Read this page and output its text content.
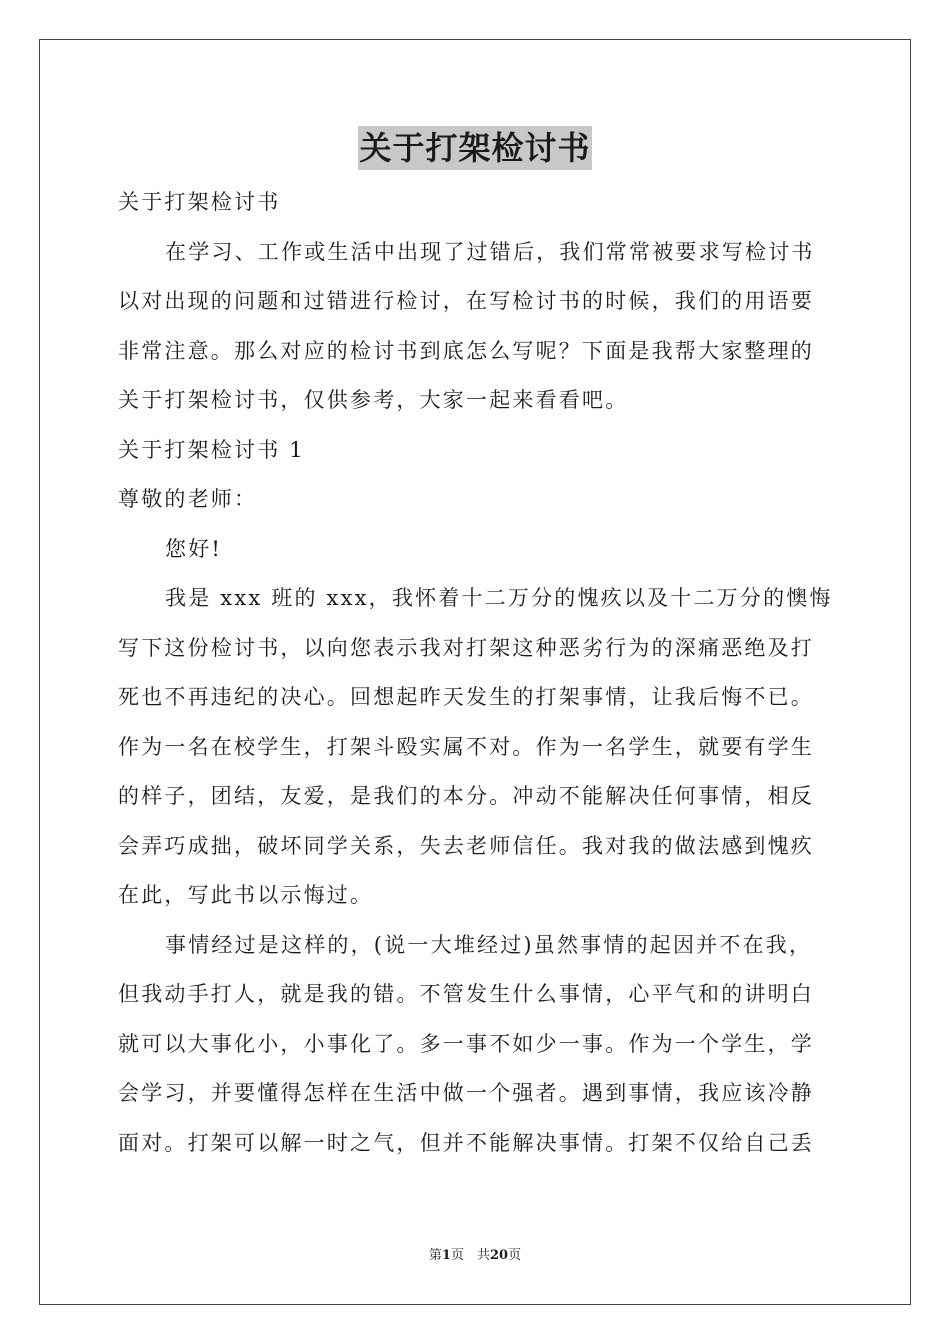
关于打架检讨书

关于打架检讨书

在学习、工作或生活中出现了过错后，我们常常被要求写检讨书

以对出现的问题和过错进行检讨，在写检讨书的时候，我们的用语要

非常注意。那么对应的检讨书到底怎么写呢？下面是我帮大家整理的

关于打架检讨书，仅供参考，大家一起来看看吧。

关于打架检讨书 1

尊敬的老师：

您好!

我是 xxx 班的 xxx，我怀着十二万分的愧疚以及十二万分的懊悔

写下这份检讨书，以向您表示我对打架这种恶劣行为的深痛恶绝及打

死也不再违纪的决心。回想起昨天发生的打架事情，让我后悔不已。

作为一名在校学生，打架斗殴实属不对。作为一名学生，就要有学生

的样子，团结，友爱，是我们的本分。冲动不能解决任何事情，相反

会弄巧成拙，破坏同学关系，失去老师信任。我对我的做法感到愧疚

在此，写此书以示悔过。

事情经过是这样的，(说一大堆经过)虽然事情的起因并不在我，

但我动手打人，就是我的错。不管发生什么事情，心平气和的讲明白

就可以大事化小，小事化了。多一事不如少一事。作为一个学生，学

会学习，并要懂得怎样在生活中做一个强者。遇到事情，我应该冷静

面对。打架可以解一时之气，但并不能解决事情。打架不仅给自己丢

第1页　共20页
